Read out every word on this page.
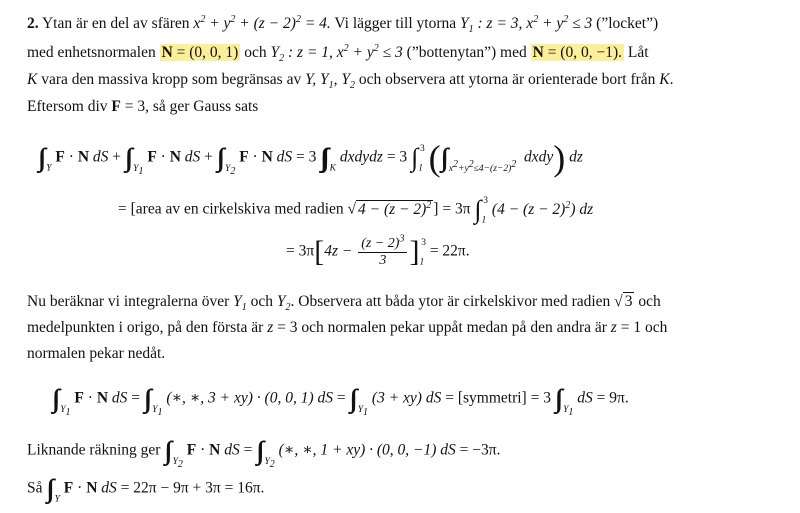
2. Ytan är en del av sfären $x^2 + y^2 + (z - 2)^2 = 4$. Vi lägger till ytorna $Y_1$ : z = 3, $x^2 + y^2 \le 3$ (”locket”)
med enhetsnormalen N = (0, 0, 1) och $Y_2$ : z = 1, $x^2 + y^2 \le 3$ (”bottenytan”) med N = (0, 0, −1). Låt
K vara den massiva kropp som begränsas av Y, $Y_1$, $Y_2$ och observera att ytorna är orienterade bort från K.
Eftersom div F = 3, så ger Gauss sats
∫∫ $_Y$ F · N dS + ∫∫ $_{Y_1}$ F · N dS + ∫∫ $_{Y_2}$ F · N dS = 3 ∫∫∫ $_K$ dxdydz = 3 ∫ $_1^3$ (∫∫ $_{x^2+y^2\le 4-(z-2)^2}$  dxdy) dz
= [area av en cirkelskiva med radien √ $4 - (z - 2)^2$ ] = 3π ∫ $_1^3$ $(4 - (z - 2)^2)$ dz
= $3\pi[4z - \frac{(z - 2)^3}{3} ]_1^3 = 22\pi$.
Nu beräknar vi integralerna över $Y_1$ och $Y_2$. Observera att båda ytor är cirkelskivor med radien √ 3 och
medelpunkten i origo, på den första är z = 3 och normalen pekar uppåt medan på den andra är z = 1 och
normalen pekar nedåt.
∫∫ $_{Y_1}$ F · N dS = ∫∫ $_{Y_1}$ (∗, ∗, 3 + xy) · (0, 0, 1) dS = ∫∫ $_{Y_1}$ (3 + xy) dS = [symmetri] = 3 ∫∫ $_{Y_1}$ dS = 9π.
Liknande räkning ger ∫∫ $_{Y_2}$ F · N dS = ∫∫ $_{Y_2}$ (∗, ∗, 1 + xy) · (0, 0, −1) dS = −3π.
Så ∫∫ $_Y$ F · N dS = 22π − 9π + 3π = 16π.
